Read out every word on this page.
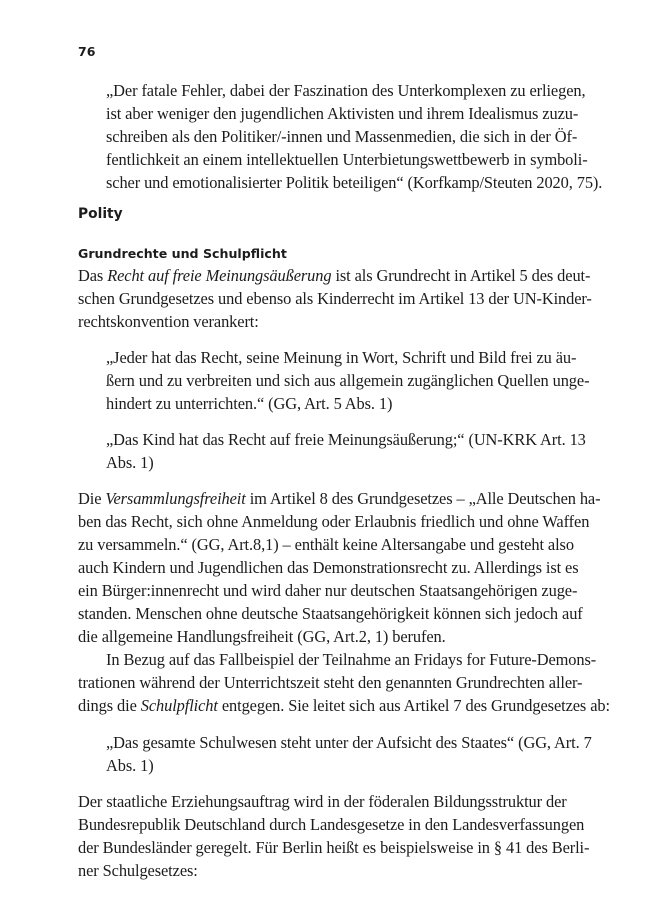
76
„Der fatale Fehler, dabei der Faszination des Unterkomplexen zu erliegen,
ist aber weniger den jugendlichen Aktivisten und ihrem Idealismus zuzu-
schreiben als den Politiker/-innen und Massenmedien, die sich in der Öf-
fentlichkeit an einem intellektuellen Unterbietungswettbewerb in symboli-
scher und emotionalisierter Politik beteiligen“ (Korfkamp/Steuten 2020, 75).
Polity
Grundrechte und Schulpflicht
Das Recht auf freie Meinungsäußerung ist als Grundrecht in Artikel 5 des deut-
schen Grundgesetzes und ebenso als Kinderrecht im Artikel 13 der UN-Kinder-
rechtskonvention verankert:
„Jeder hat das Recht, seine Meinung in Wort, Schrift und Bild frei zu äu-
ßern und zu verbreiten und sich aus allgemein zugänglichen Quellen unge-
hindert zu unterrichten.“ (GG, Art. 5 Abs. 1)
„Das Kind hat das Recht auf freie Meinungsäußerung;“ (UN-KRK Art. 13
Abs. 1)
Die Versammlungsfreiheit im Artikel 8 des Grundgesetzes – „Alle Deutschen ha-
ben das Recht, sich ohne Anmeldung oder Erlaubnis friedlich und ohne Waffen
zu versammeln.“ (GG, Art.8,1) – enthält keine Altersangabe und gesteht also
auch Kindern und Jugendlichen das Demonstrationsrecht zu. Allerdings ist es
ein Bürger:innenrecht und wird daher nur deutschen Staatsangehörigen zuge-
standen. Menschen ohne deutsche Staatsangehörigkeit können sich jedoch auf
die allgemeine Handlungsfreiheit (GG, Art.2, 1) berufen.
In Bezug auf das Fallbeispiel der Teilnahme an Fridays for Future-Demons-
trationen während der Unterrichtszeit steht den genannten Grundrechten aller-
dings die Schulpflicht entgegen. Sie leitet sich aus Artikel 7 des Grundgesetzes ab:
„Das gesamte Schulwesen steht unter der Aufsicht des Staates“ (GG, Art. 7
Abs. 1)
Der staatliche Erziehungsauftrag wird in der föderalen Bildungsstruktur der
Bundesrepublik Deutschland durch Landesgesetze in den Landesverfassungen
der Bundesländer geregelt. Für Berlin heißt es beispielsweise in § 41 des Berli-
ner Schulgesetzes:
